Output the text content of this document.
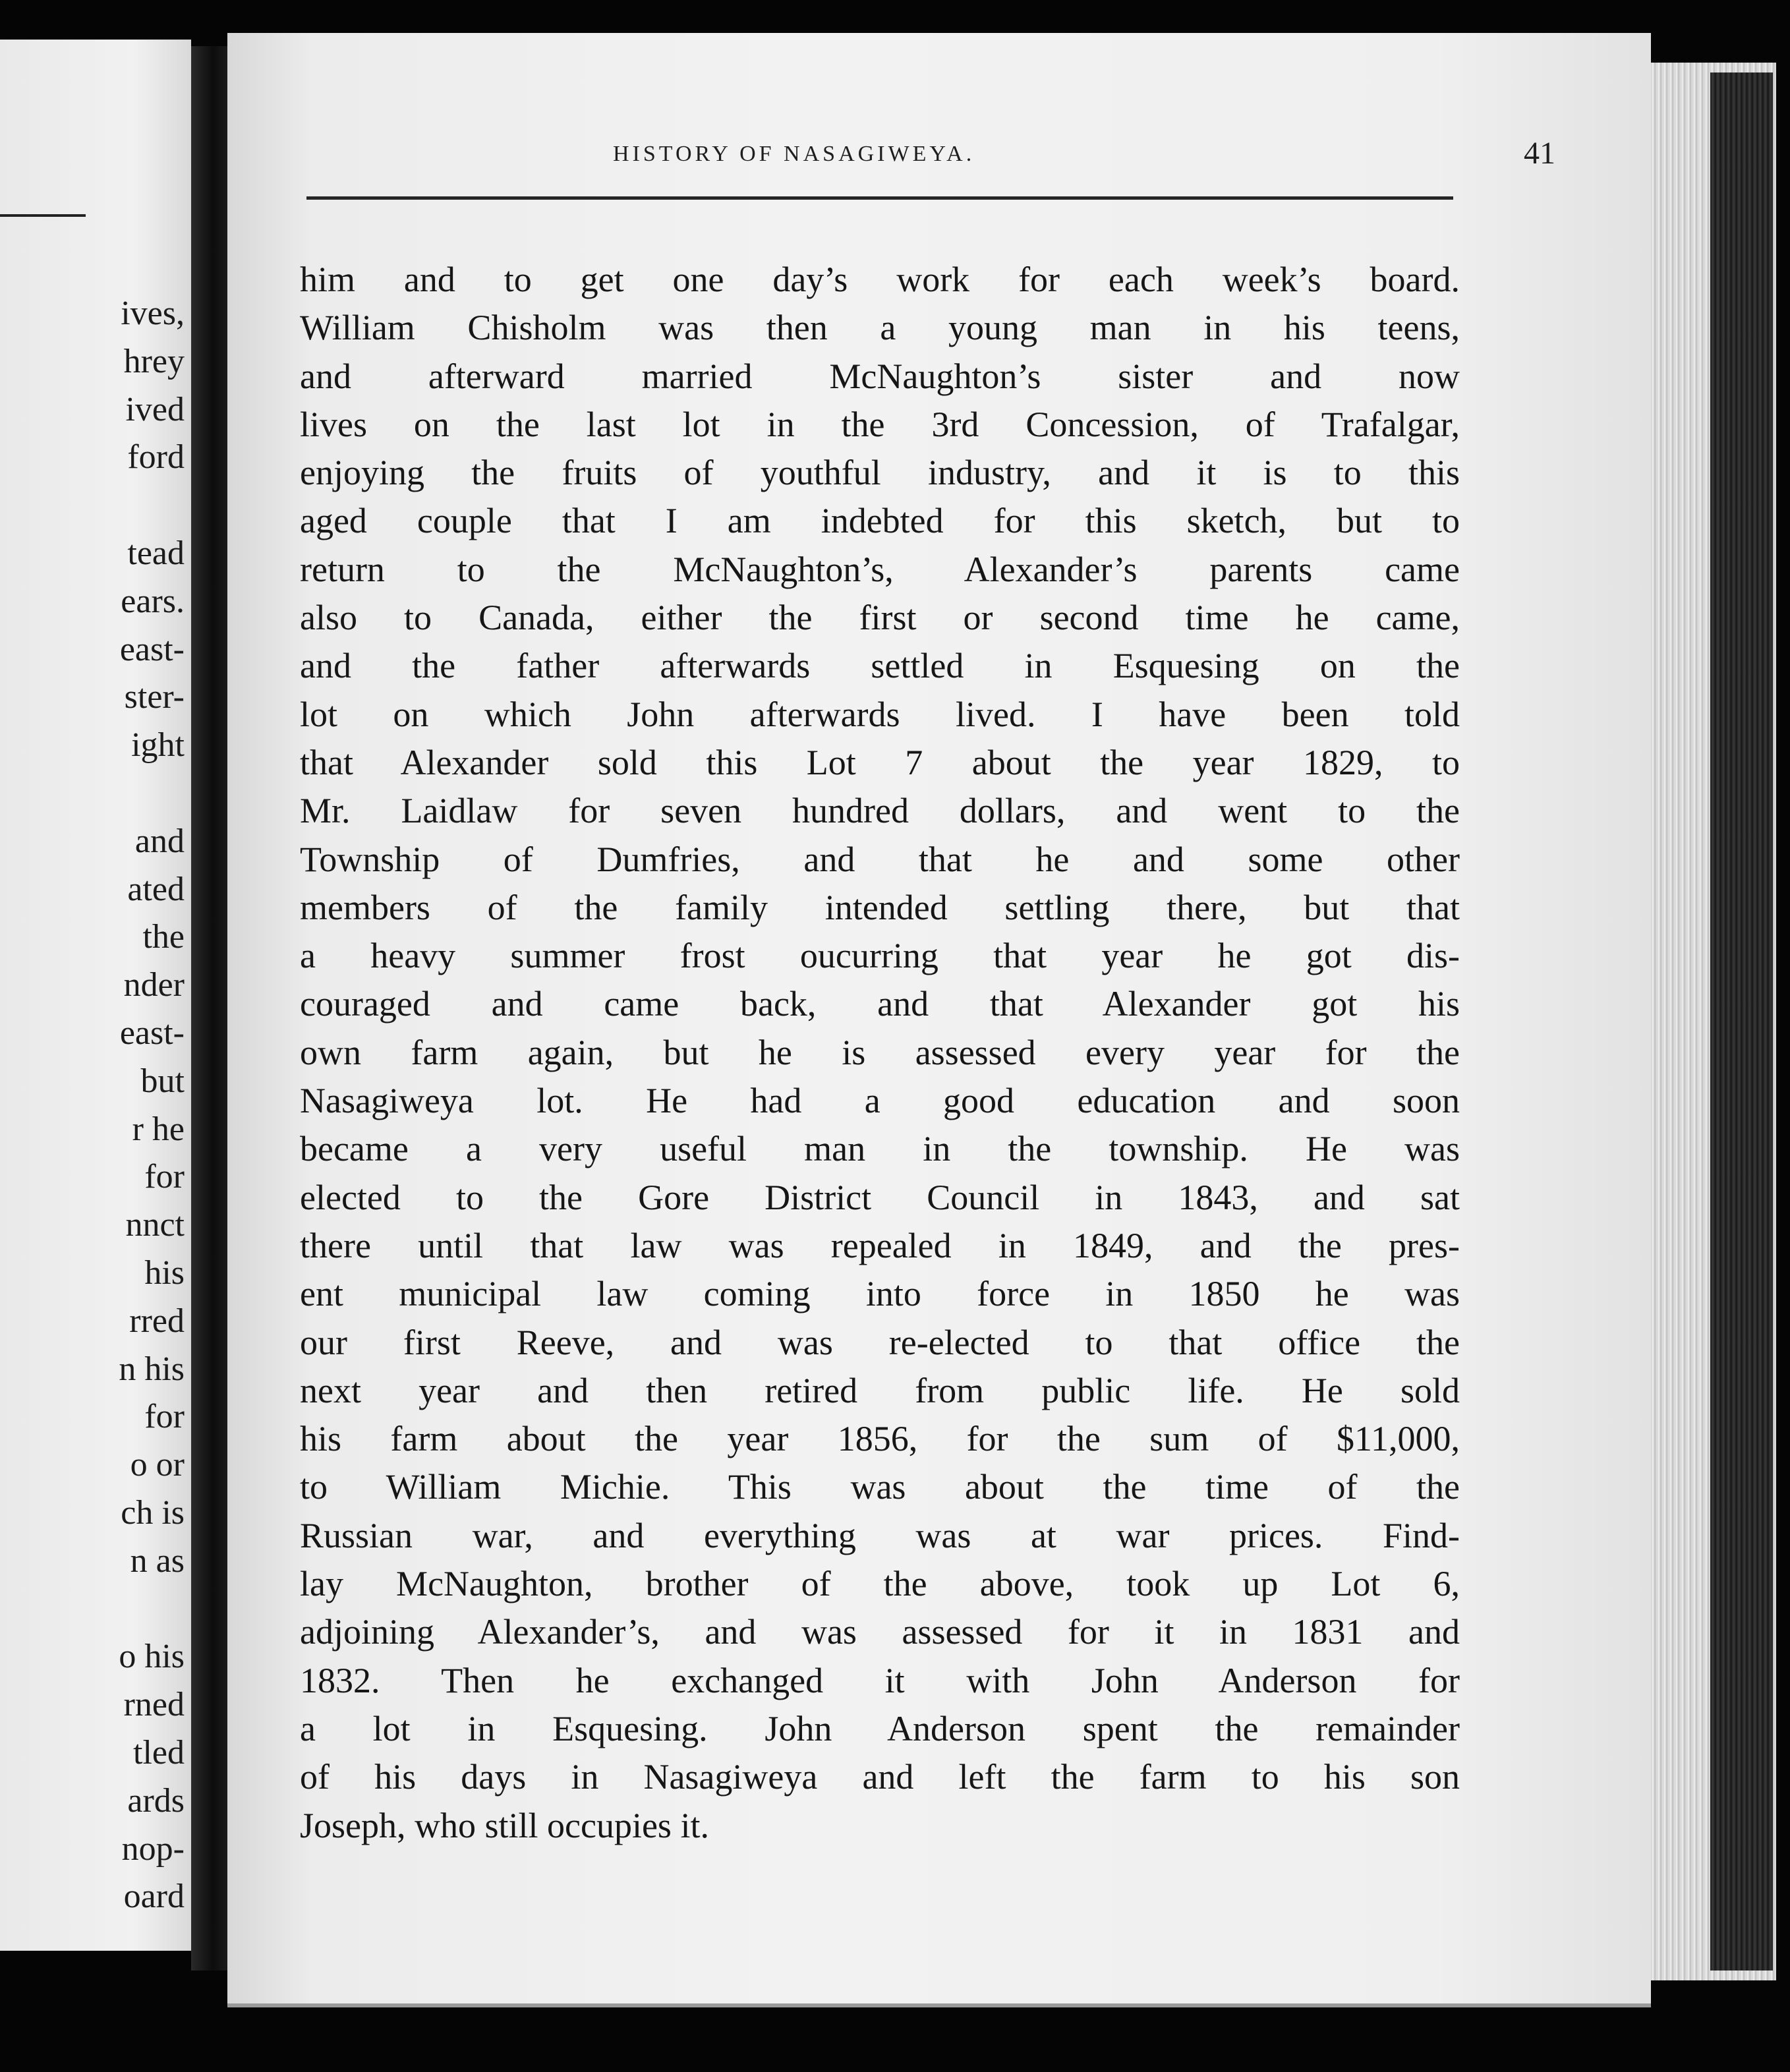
ives,
hrey
ived
ford
tead
ears.
east-
ster-
ight
and
ated
the
nder
east-
but
r he
for
nnct
his
rred
n his
for
o or
ch is
n as
o his
rned
tled
ards
nop-
oard
HISTORY OF NASAGIWEYA.	41
him and to get one day’s work for each week’s board.
William Chisholm was then a young man in his teens,
and afterward married McNaughton’s sister and now
lives on the last lot in the 3rd Concession, of Trafalgar,
enjoying the fruits of youthful industry, and it is to this
aged couple that I am indebted for this sketch, but to
return to the McNaughton’s, Alexander’s parents came
also to Canada, either the first or second time he came,
and the father afterwards settled in Esquesing on the
lot on which John afterwards lived. I have been told
that Alexander sold this Lot 7 about the year 1829, to
Mr. Laidlaw for seven hundred dollars, and went to the
Township of Dumfries, and that he and some other
members of the family intended settling there, but that
a heavy summer frost oucurring that year he got dis-
couraged and came back, and that Alexander got his
own farm again, but he is assessed every year for the
Nasagiweya lot. He had a good education and soon
became a very useful man in the township. He was
elected to the Gore District Council in 1843, and sat
there until that law was repealed in 1849, and the pres-
ent municipal law coming into force in 1850 he was
our first Reeve, and was re-elected to that office the
next year and then retired from public life. He sold
his farm about the year 1856, for the sum of $11,000,
to William Michie. This was about the time of the
Russian war, and everything was at war prices. Find-
lay McNaughton, brother of the above, took up Lot 6,
adjoining Alexander’s, and was assessed for it in 1831 and
1832. Then he exchanged it with John Anderson for
a lot in Esquesing. John Anderson spent the remainder
of his days in Nasagiweya and left the farm to his son
Joseph, who still occupies it.
